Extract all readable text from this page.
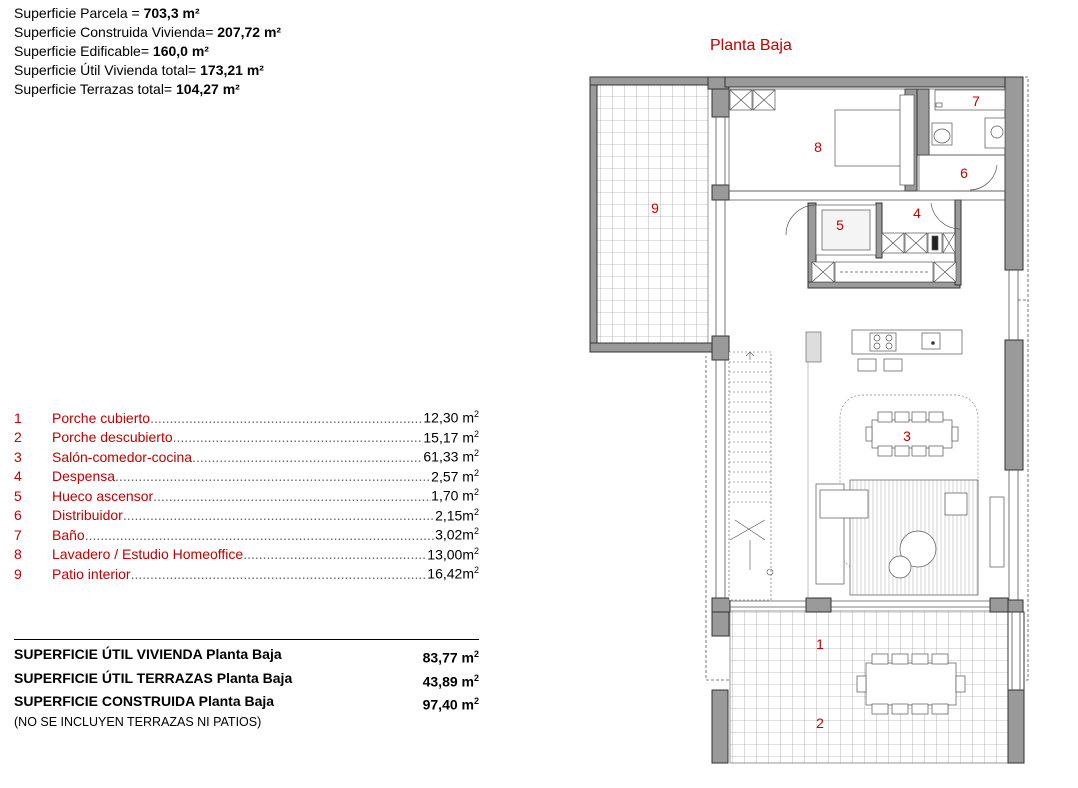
Superficie Parcela = 703,3 m²
Superficie Construida Vivienda= 207,72 m²
Superficie Edificable= 160,0 m²
Superficie Útil Vivienda total= 173,21 m²
Superficie Terrazas total= 104,27 m²
1	Porche cubierto .....	12,30 $m^2$
2	Porche descubierto .....	15,17 $m^2$
3	Salón-comedor-cocina .....	61,33 $m^2$
4	Despensa .....	2,57 $m^2$
5	Hueco ascensor .....	1,70 $m^2$
6	Distribuidor .....	$2,15m^2$
7	Baño .....	$3,02m^2$
8	Lavadero / Estudio Homeoffice .....	$13,00m^2$
9	Patio interior .....	$16,42m^2$
SUPERFICIE ÚTIL VIVIENDA Planta Baja	83,77 $m^2$
SUPERFICIE ÚTIL TERRAZAS Planta Baja	43,89 $m^2$
SUPERFICIE CONSTRUIDA Planta Baja	97,40 $m^2$
(NO SE INCLUYEN TERRAZAS NI PATIOS)
Planta Baja
1
2
3
4
5
6
7
8
9
